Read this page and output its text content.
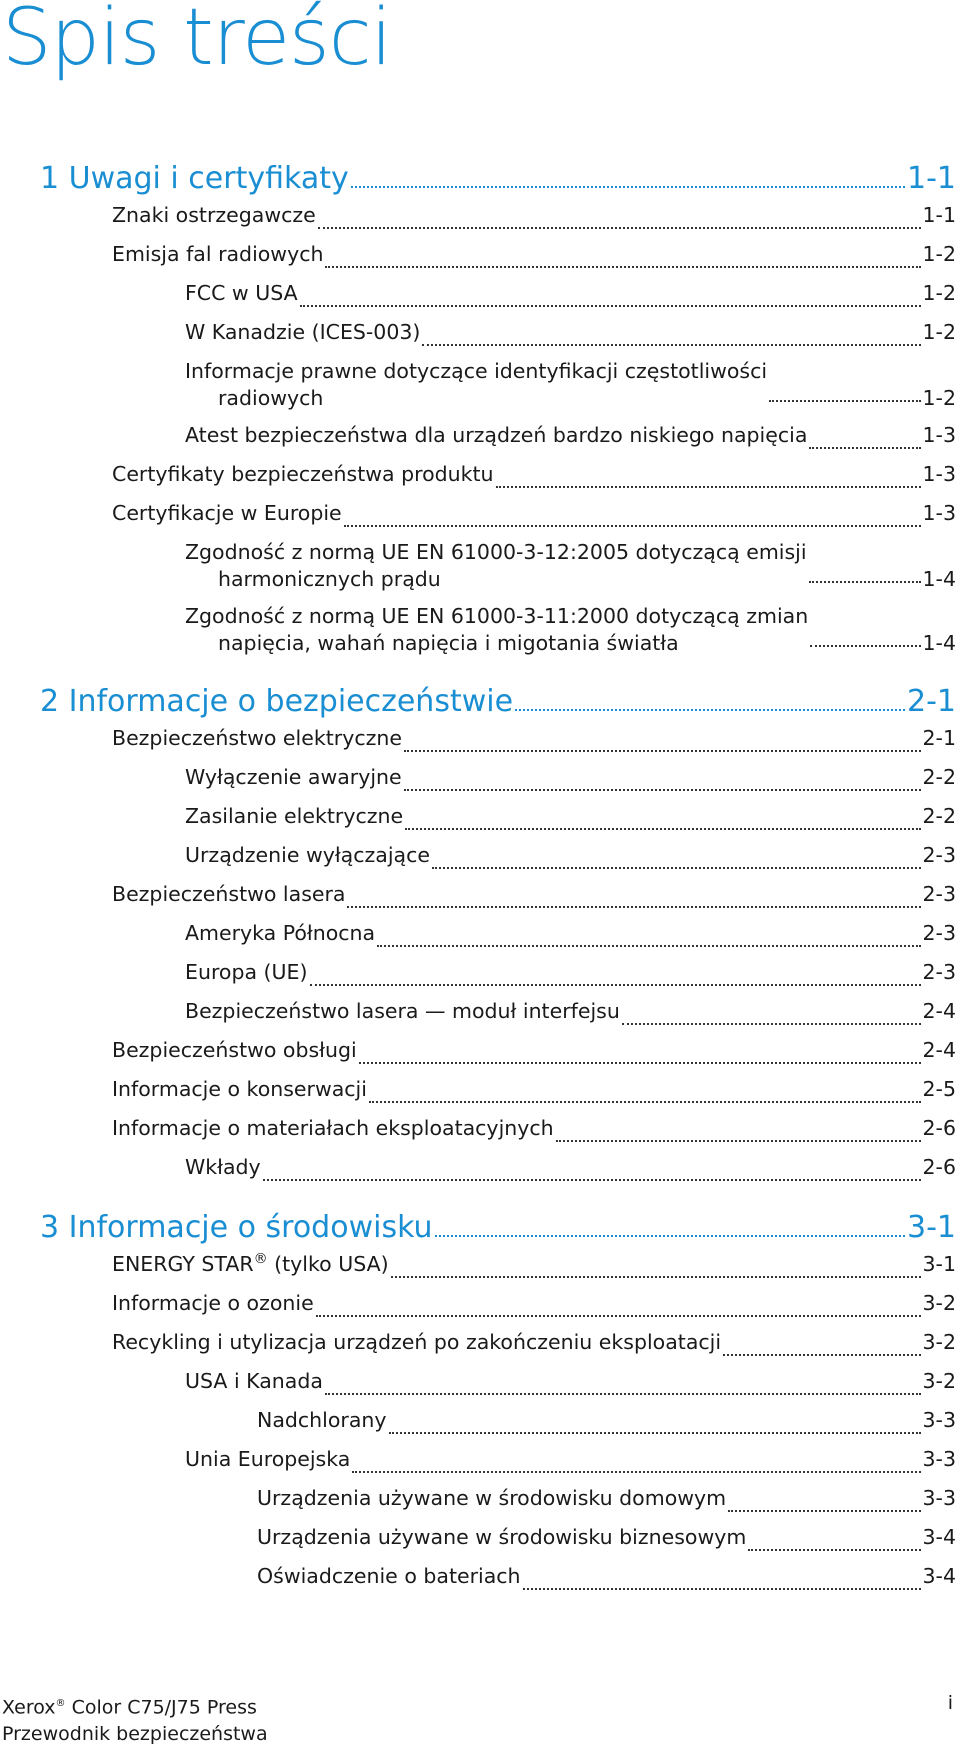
Spis treści
1 Uwagi i certyfikaty	1-1
Znaki ostrzegawcze	1-1
Emisja fal radiowych	1-2
FCC w USA	1-2
W Kanadzie (ICES-003)	1-2
Informacje prawne dotyczące identyfikacji częstotliwości
radiowych	1-2
Atest bezpieczeństwa dla urządzeń bardzo niskiego napięcia	1-3
Certyfikaty bezpieczeństwa produktu	1-3
Certyfikacje w Europie	1-3
Zgodność z normą UE EN 61000-3-12:2005 dotyczącą emisji
harmonicznych prądu	1-4
Zgodność z normą UE EN 61000-3-11:2000 dotyczącą zmian
napięcia, wahań napięcia i migotania światła	1-4
2 Informacje o bezpieczeństwie	2-1
Bezpieczeństwo elektryczne	2-1
Wyłączenie awaryjne	2-2
Zasilanie elektryczne	2-2
Urządzenie wyłączające	2-3
Bezpieczeństwo lasera	2-3
Ameryka Północna	2-3
Europa (UE)	2-3
Bezpieczeństwo lasera — moduł interfejsu	2-4
Bezpieczeństwo obsługi	2-4
Informacje o konserwacji	2-5
Informacje o materiałach eksploatacyjnych	2-6
Wkłady	2-6
3 Informacje o środowisku	3-1
ENERGY STAR® (tylko USA)	3-1
Informacje o ozonie	3-2
Recykling i utylizacja urządzeń po zakończeniu eksploatacji	3-2
USA i Kanada	3-2
Nadchlorany	3-3
Unia Europejska	3-3
Urządzenia używane w środowisku domowym	3-3
Urządzenia używane w środowisku biznesowym	3-4
Oświadczenie o bateriach	3-4
Xerox® Color C75/J75 Press
Przewodnik bezpieczeństwa
i
